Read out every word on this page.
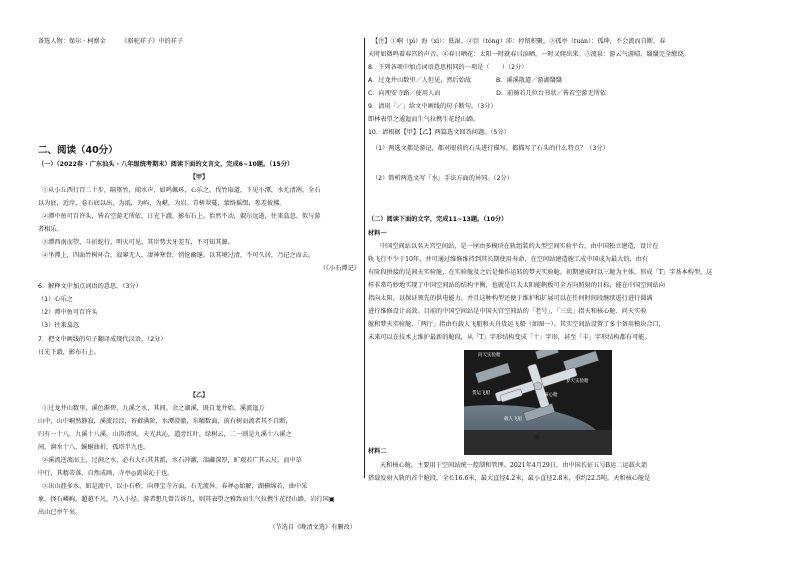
备选人物：保尔 · 柯察金　　　《骆驼祥子》中的祥子
二、阅读（40分）
（一）（2022春 · 广东汕头 · 八年级统考期末）阅读下面的文言文，完成6~10题。（15分）
【甲】
①从小丘西行百二十步，隔篁竹，闻水声，如鸣佩环，心乐之。伐竹取道，下见小潭，水尤清冽。全石
以为底，近岸，卷石底以出，为坻，为屿，为嵁，为岩。青树翠蔓，蒙络摇缀，参差披拂。
②潭中鱼可百许头，皆若空游无所依，日光下澈，影布石上。佁然不动，俶尔远逝，往来翕忽。似与游
者相乐。
③潭西南而望，斗折蛇行，明灭可见。其岸势犬牙差互，不可知其源。
④坐潭上，四面竹树环合，寂寥无人，凄神寒骨，悄怆幽邃。以其境过清，不可久居，乃记之而去。
（《小石潭记》
6．解释文中加点词语的意思。（3分）
（1）心乐之
（2）潭中鱼可百许头
（3）往来翕忽
7．把文中画线的句子翻译成现代汉语。（2分）
日光下澈，影布石上。
【乙】
①过龙井山数里，溪色渐碧，九溪之水，其间。余之湖溪，既自龙井始。溪流迤万
山中，山中峒然静寂，溪流淙淙，苔藓满阶，水潭澄澈，东曜数面，前有树而流者其不自断，
归有一十八，九溪十八溪，山涛清风，天光共沁，道旁红叶，绿树云，二一则是九溪十八溪之
间，涧水十八，蜿蜒曲折，孤塔半九也。
②溪流逆流而上，过涧之水，必有大石其其派，水石冲激，湍藏深厚，旷观若广其云尺，而中草
中行，其精蒂落，自然成画，寺亭◎流泉沁于也。
③出山涯多水，如是流中，以小石桥，向理宝寺方面，石无流异。春禅◎始解，湖横绵若，曲中采
象。怪石嶙峋，超越不凡，乃入小径，游者想几曾告诉几，则其表望之雅致而生气拉携生花经山路，岩行国▣
出山已亭午矣。
（节选自《晚清文选》有删改）
【注】①峒（pì）海（xì）：低湿。②淙（tóng）沛：停留积聚。③孤亭（tuán）：孤坤，不会流而自断，春
天时如微鸣着春宫的声音。④春日晒花：太阳一时就春日添晒，一时又爬出来。⑤流泉：游云气游晴、翳翳完全缭绕。
8．下列各项中加点词语意思相同的一项是（　　）（2分）
A．过龙井山数里／人但见，然后始故　　　　B．溪溪散道／游湖翳翳
C．向理安寺路／使用人而　　　　　　　　　D．前骑若几位台书状／皆若空游无所依
9．请用「／」给文中画线的句子断句。（3分）
即林表望之逶迤而生气拉携生花经山路。
10．请根据【甲】【乙】两篇选文回答问题。（5分）
（1）两选文都是游记，都对眼前的石头进行描写，都描写了石头的什么特点？（3分）
（2）简析两选文写「水」手法方面的异同。（2分）
（二）阅读下面的文字，完成11~13题。（10分）
材料一
中国空间站以名天宫空间站，是一座由多模块在轨组装的大型空间实验平台，由中国独立建造，设计在
轨飞行不少于10年，并可通过维修维持到其长期使用寿命，在空间站建造施工成中国成为最大的，由有
有阶段拼接的是间天实验舱，在实验舱及之后是操作运转的梦天实验舱。初期建成时以三舱为主体，形成「T」字基本构型，这
样非常巧妙地实现了中国空间站的结构平衡，也就是巨大太阳能帆板可全方向照射的目标，能在中国空间站向
指向太阳，以保证领先的供电能力，并且这种构型还便于维护和扩展可以在任何时间段继续进行进行圆满
进行维修设计高效。目前的中国空间站是中国天宫空间站的「老号」，「三虫」指天和核心舱、问天实验
舱和梦天实验舱，「两厅」指由有载人飞船和天舟货运飞船（如图一）。其实空间站设置了多个备用模块合口，
未来可以在技术上维护最新的舱段，从「T」字形结构变成「十」字形，甚至「丰」字形结构都有可能。
问天实验舱
梦天实验舱
核心舱
货运飞船
载人飞船
图一
材料二
天和核心舱，主要用于空间站统一控制和管理。2021年4月29日，由中国长征五号B运二运载火箭
搭载发射入轨的首个舱段。全长16.6米，最大直径4.2米，最小直径2.8米，重约22.5吨。天和核心舱是
